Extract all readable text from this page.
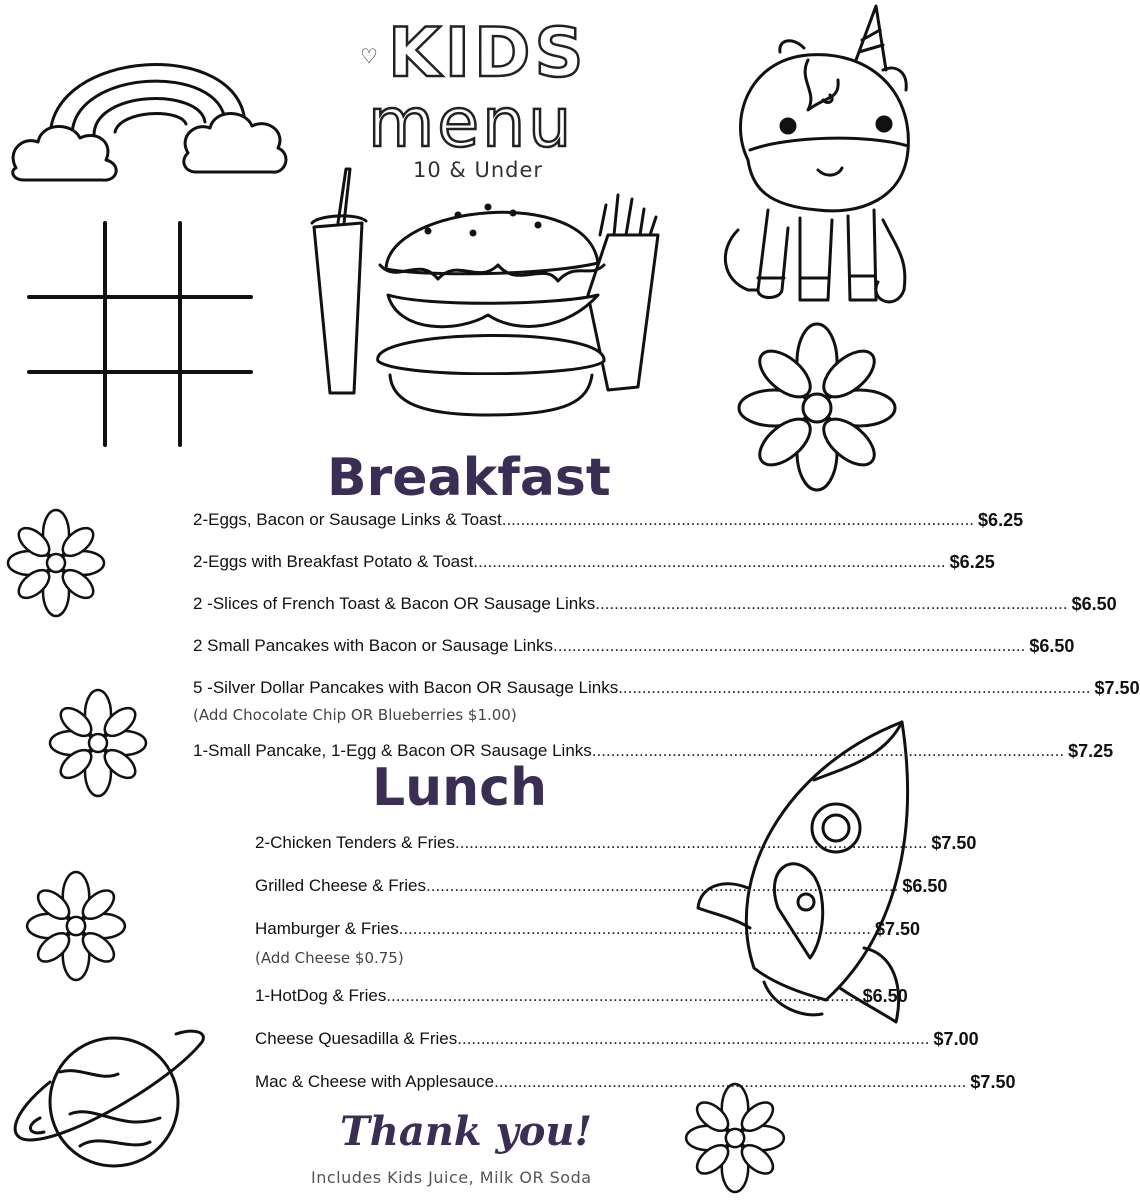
♡ KIDS
menu
10 & Under
Breakfast
2-Eggs, Bacon or Sausage Links & Toast .................................................................................................... $6.25
2-Eggs with Breakfast Potato & Toast .................................................................................................... $6.25
2 -Slices of French Toast & Bacon OR Sausage Links .................................................................................................... $6.50
2 Small Pancakes with Bacon or Sausage Links .................................................................................................... $6.50
5 -Silver Dollar Pancakes with Bacon OR Sausage Links .................................................................................................... $7.50
(Add Chocolate Chip OR Blueberries $1.00)
1-Small Pancake, 1-Egg & Bacon OR Sausage Links .................................................................................................... $7.25
Lunch
2-Chicken Tenders & Fries .................................................................................................... $7.50
Grilled Cheese & Fries .................................................................................................... $6.50
Hamburger & Fries .................................................................................................... $7.50
(Add Cheese $0.75)
1-HotDog & Fries .................................................................................................... $6.50
Cheese Quesadilla & Fries .................................................................................................... $7.00
Mac & Cheese with Applesauce .................................................................................................... $7.50
Thank you!
Includes Kids Juice, Milk OR Soda
